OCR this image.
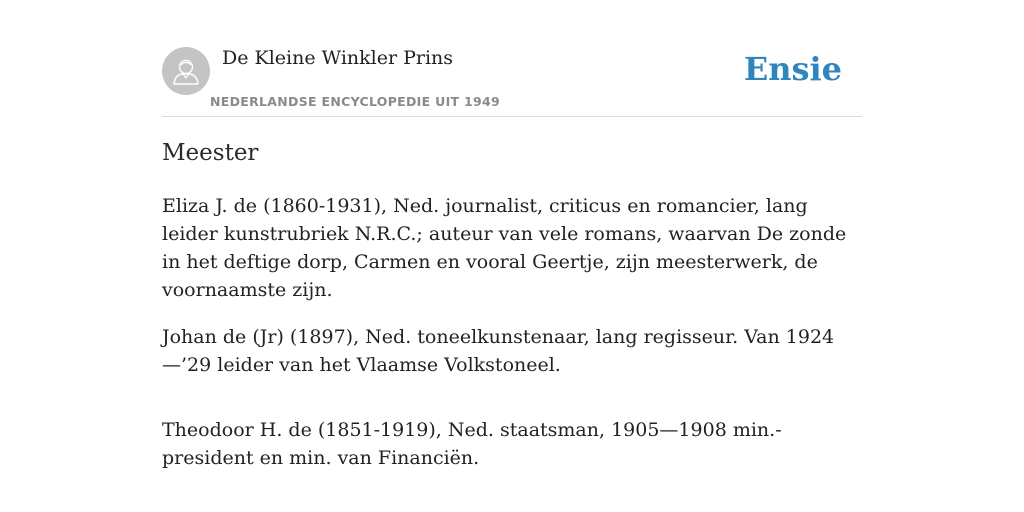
De Kleine Winkler Prins
NEDERLANDSE ENCYCLOPEDIE UIT 1949
Ensie
Meester

Eliza J. de (1860-1931), Ned. journalist, criticus en romancier, lang leider kunstrubriek N.R.C.; auteur van vele romans, waarvan De zonde in het deftige dorp, Carmen en vooral Geertje, zijn meesterwerk, de voornaamste zijn.

Johan de (Jr) (1897), Ned. toneelkunstenaar, lang regisseur. Van 1924—’29 leider van het Vlaamse Volkstoneel.

Theodoor H. de (1851-1919), Ned. staatsman, 1905—1908 min.-president en min. van Financiën.
